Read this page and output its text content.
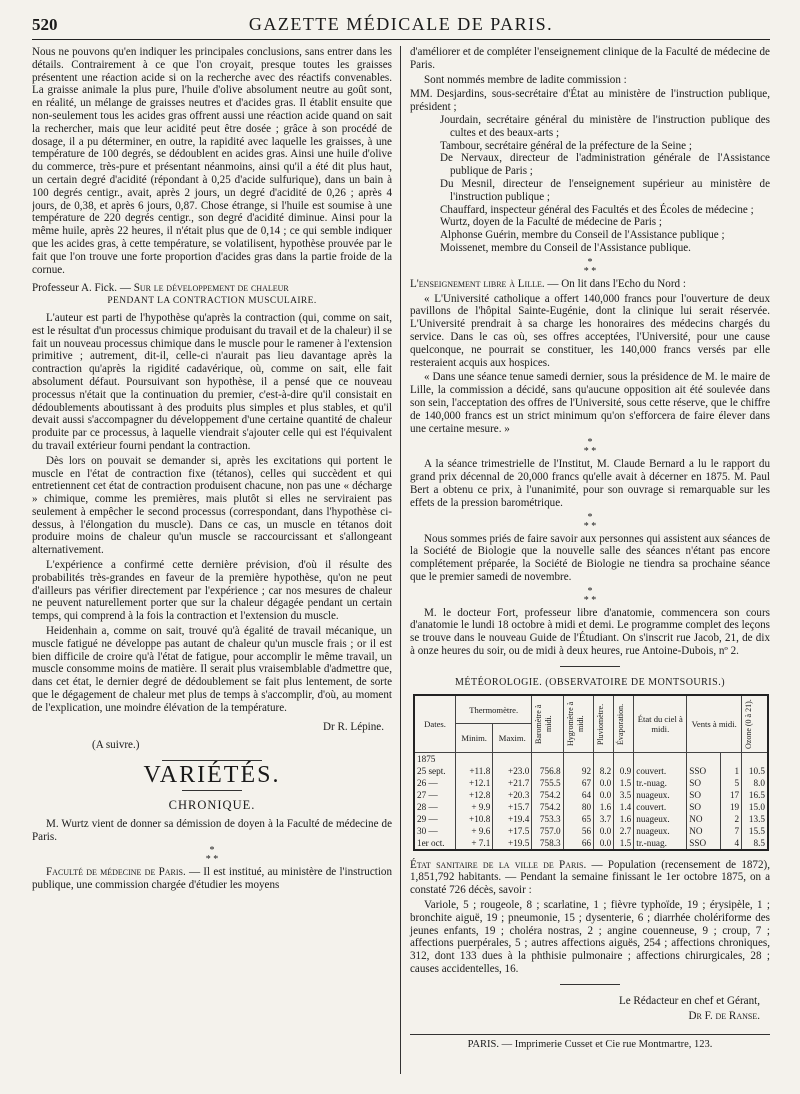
520	GAZETTE MÉDICALE DE PARIS.

Nous ne pouvons qu'en indiquer les principales conclusions, sans entrer dans les détails. Contrairement à ce que l'on croyait, presque toutes les graisses présentent une réaction acide si on la recherche avec des réactifs convenables. La graisse animale la plus pure, l'huile d'olive absolument neutre au goût sont, en réalité, un mélange de graisses neutres et d'acides gras. Il établit ensuite que non-seulement tous les acides gras offrent aussi une réaction acide quand on sait la rechercher, mais que leur acidité peut être dosée ; grâce à son procédé de dosage, il a pu déterminer, en outre, la rapidité avec laquelle les graisses, à une température de 100 degrés, se dédoublent en acides gras. Ainsi une huile d'olive du commerce, très-pure et présentant néanmoins, ainsi qu'il a été dit plus haut, un certain degré d'acidité (répondant à 0,25 d'acide sulfurique), dans un bain à 100 degrés centigr., avait, après 2 jours, un degré d'acidité de 0,26 ; après 4 jours, de 0,38, et après 6 jours, 0,87. Chose étrange, si l'huile est soumise à une température de 220 degrés centigr., son degré d'acidité diminue. Ainsi pour la même huile, après 22 heures, il n'était plus que de 0,14 ; ce qui semble indiquer que les acides gras, à cette température, se volatilisent, hypothèse prouvée par le fait que l'on trouve une forte proportion d'acides gras dans la partie froide de la cornue.

Professeur A. Fick. — Sur le développement de chaleur
PENDANT LA CONTRACTION MUSCULAIRE.

L'auteur est parti de l'hypothèse qu'après la contraction (qui, comme on sait, est le résultat d'un processus chimique produisant du travail et de la chaleur) il se fait un nouveau processus chimique dans le muscle pour le ramener à l'extension primitive ; autrement, dit-il, celle-ci n'aurait pas lieu davantage après la contraction qu'après la rigidité cadavérique, où, comme on sait, elle fait absolument défaut. Poursuivant son hypothèse, il a pensé que ce nouveau processus n'était que la continuation du premier, c'est-à-dire qu'il consistait en dédoublements aboutissant à des produits plus simples et plus stables, et qu'il devait aussi s'accompagner du développement d'une certaine quantité de chaleur produite par ce processus, à laquelle viendrait s'ajouter celle qui est l'équivalent du travail extérieur fourni pendant la contraction.

Dès lors on pouvait se demander si, après les excitations qui portent le muscle en l'état de contraction fixe (tétanos), celles qui succèdent et qui entretiennent cet état de contraction produisent chacune, non pas une « décharge » chimique, comme les premières, mais plutôt si elles ne serviraient pas seulement à empêcher le second processus (correspondant, dans l'hypothèse ci-dessus, à l'élongation du muscle). Dans ce cas, un muscle en tétanos doit produire moins de chaleur qu'un muscle se raccourcissant et s'allongeant alternativement.

L'expérience a confirmé cette dernière prévision, d'où il résulte des probabilités très-grandes en faveur de la première hypothèse, qu'on ne peut d'ailleurs pas vérifier directement par l'expérience ; car nos mesures de chaleur ne peuvent naturellement porter que sur la chaleur dégagée pendant un certain temps, qui comprend à la fois la contraction et l'extension du muscle.

Heidenhain a, comme on sait, trouvé qu'à égalité de travail mécanique, un muscle fatigué ne développe pas autant de chaleur qu'un muscle frais ; or il est bien difficile de croire qu'à l'état de fatigue, pour accomplir le même travail, un muscle consomme moins de matière. Il serait plus vraisemblable d'admettre que, dans cet état, le dernier degré de dédoublement se fait plus lentement, de sorte que le dégagement de chaleur met plus de temps à s'accomplir, d'où, au moment de l'explication, une moindre élévation de la température.

Dr R. Lépine.
(A suivre.)
VARIÉTÉS.
CHRONIQUE.

M. Wurtz vient de donner sa démission de doyen à la Faculté de médecine de Paris.

*
* *

Faculté de médecine de Paris. — Il est institué, au ministère de l'instruction publique, une commission chargée d'étudier les moyens

d'améliorer et de compléter l'enseignement clinique de la Faculté de médecine de Paris.

Sont nommés membre de ladite commission :

MM. Desjardins, sous-secrétaire d'État au ministère de l'instruction publique, président ;
Jourdain, secrétaire général du ministère de l'instruction publique des cultes et des beaux-arts ;
Tambour, secrétaire général de la préfecture de la Seine ;
De Nervaux, directeur de l'administration générale de l'Assistance publique de Paris ;
Du Mesnil, directeur de l'enseignement supérieur au ministère de l'instruction publique ;
Chauffard, inspecteur général des Facultés et des Écoles de médecine ;
Wurtz, doyen de la Faculté de médecine de Paris ;
Alphonse Guérin, membre du Conseil de l'Assistance publique ;
Moissenet, membre du Conseil de l'Assistance publique.
*
* *

L'enseignement libre à Lille. — On lit dans l'Echo du Nord :

« L'Université catholique a offert 140,000 francs pour l'ouverture de deux pavillons de l'hôpital Sainte-Eugénie, dont la clinique lui serait réservée. L'Université prendrait à sa charge les honoraires des médecins chargés du service. Dans le cas où, ses offres acceptées, l'Université, pour une cause quelconque, ne pourrait se constituer, les 140,000 francs versés par elle resteraient acquis aux hospices.

« Dans une séance tenue samedi dernier, sous la présidence de M. le maire de Lille, la commission a décidé, sans qu'aucune opposition ait été soulevée dans son sein, l'acceptation des offres de l'Université, sous cette réserve, que le chiffre de 140,000 francs est un strict minimum qu'on s'efforcera de faire élever dans une certaine mesure. »

*
* *

A la séance trimestrielle de l'Institut, M. Claude Bernard a lu le rapport du grand prix décennal de 20,000 francs qu'elle avait à décerner en 1875. M. Paul Bert a obtenu ce prix, à l'unanimité, pour son ouvrage si remarquable sur les effets de la pression barométrique.

*
* *

Nous sommes priés de faire savoir aux personnes qui assistent aux séances de la Société de Biologie que la nouvelle salle des séances n'étant pas encore complétement préparée, la Société de Biologie ne tiendra sa prochaine séance que le premier samedi de novembre.

*
* *

M. le docteur Fort, professeur libre d'anatomie, commencera son cours d'anatomie le lundi 18 octobre à midi et demi. Le programme complet des leçons se trouve dans le nouveau Guide de l'Étudiant. On s'inscrit rue Jacob, 21, de dix à onze heures du soir, ou de midi à deux heures, rue Antoine-Dubois, nº 2.

MÉTÉOROLOGIE. (OBSERVATOIRE DE MONTSOURIS.)
Dates.	Thermomètre.		Baromètre à midi.	Hygromètre à midi.	Pluviomètre.	Évaporation.	État du ciel à midi.	Vents à midi.		Ozone (0 à 21).

	Minim.	Maxim.								
1875										
25 sept.	+11.8	+23.0	756.8	92	8.2	0.9	couvert.	SSO	1	10.5
26 —	+12.1	+21.7	755.5	67	0.0	1.5	tr.-nuag.	SO	5	8.0
27 —	+12.8	+20.3	754.2	64	0.0	3.5	nuageux.	SO	17	16.5
28 —	+ 9.9	+15.7	754.2	80	1.6	1.4	couvert.	SO	19	15.0
29 —	+10.8	+19.4	753.3	65	3.7	1.6	nuageux.	NO	2	13.5
30 —	+ 9.6	+17.5	757.0	56	0.0	2.7	nuageux.	NO	7	15.5
1er oct.	+ 7.1	+19.5	758.3	66	0.0	1.5	tr.-nuag.	SSO	4	8.5

État sanitaire de la ville de Paris. — Population (recensement de 1872), 1,851,792 habitants. — Pendant la semaine finissant le 1er octobre 1875, on a constaté 726 décès, savoir :

Variole, 5 ; rougeole, 8 ; scarlatine, 1 ; fièvre typhoïde, 19 ; érysipèle, 1 ; bronchite aiguë, 19 ; pneumonie, 15 ; dysenterie, 6 ; diarrhée cholériforme des jeunes enfants, 19 ; choléra nostras, 2 ; angine couenneuse, 9 ; croup, 7 ; affections puerpérales, 5 ; autres affections aiguës, 254 ; affections chroniques, 312, dont 133 dues à la phthisie pulmonaire ; affections chirurgicales, 28 ; causes accidentelles, 16.

Le Rédacteur en chef et Gérant,
Dr F. de Ranse.
PARIS. — Imprimerie Cusset et Cie rue Montmartre, 123.
